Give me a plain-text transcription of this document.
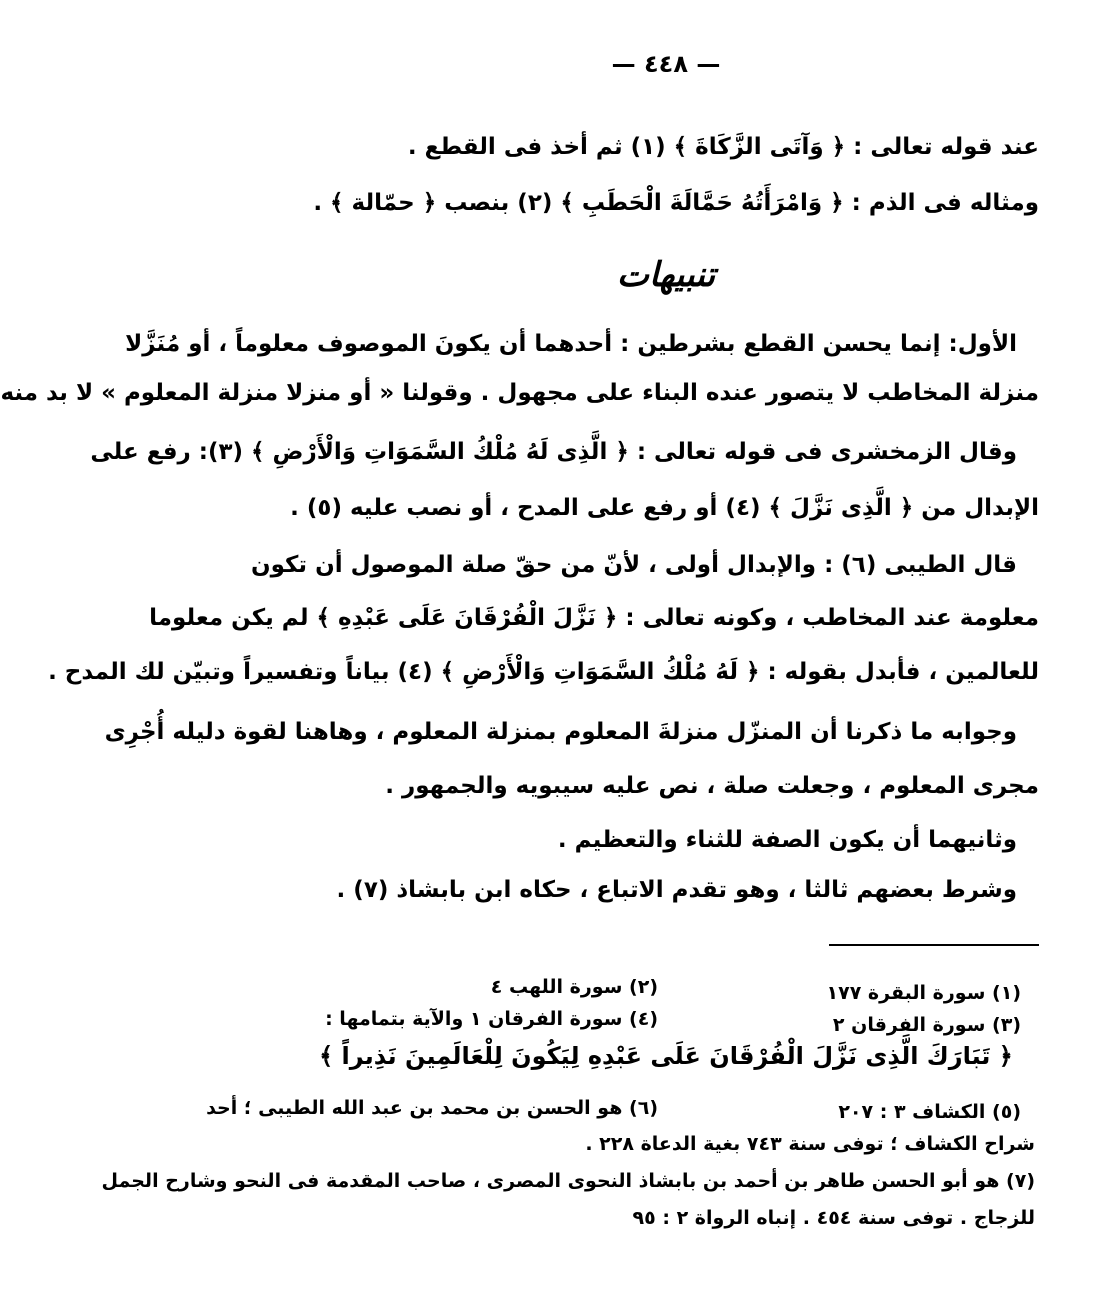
— ٤٤٨ —
عند قوله تعالى : ﴿ وَآتَى الزَّكَاةَ ﴾ (١) ثم أخذ فى القطع .
ومثاله فى الذم : ﴿ وَامْرَأَتُهُ حَمَّالَةَ الْحَطَبِ ﴾ (٢) بنصب ﴿ حمّالة ﴾ .
تنبيهات
الأول: إنما يحسن القطع بشرطين : أحدهما أن يكونَ الموصوف معلوماً ، أو مُنَزَّلا
منزلة المخاطب لا يتصور عنده البناء على مجهول . وقولنا « أو منزلا منزلة المعلوم » لا بد منه
وقال الزمخشرى فى قوله تعالى : ﴿ الَّذِى لَهُ مُلْكُ السَّمَوَاتِ وَالْأَرْضِ ﴾ (٣): رفع على
الإبدال من ﴿ الَّذِى نَزَّلَ ﴾ (٤) أو رفع على المدح ، أو نصب عليه (٥) .
قال الطيبى (٦) : والإبدال أولى ، لأنّ من حقّ صلة الموصول أن تكون
معلومة عند المخاطب ، وكونه تعالى : ﴿ نَزَّلَ الْفُرْقَانَ عَلَى عَبْدِهِ ﴾ لم يكن معلوما
للعالمين ، فأبدل بقوله : ﴿ لَهُ مُلْكُ السَّمَوَاتِ وَالْأَرْضِ ﴾ (٤) بياناً وتفسيراً وتبيّن لك المدح .
وجوابه ما ذكرنا أن المنزّل منزلةَ المعلوم بمنزلة المعلوم ، وهاهنا لقوة دليله أُجْرِى
مجرى المعلوم ، وجعلت صلة ، نص عليه سيبويه والجمهور .
وثانيهما أن يكون الصفة للثناء والتعظيم .
وشرط بعضهم ثالثا ، وهو تقدم الاتباع ، حكاه ابن بابشاذ (٧) .
(١) سورة البقرة ١٧٧
(٢) سورة اللهب ٤
(٣) سورة الفرقان ٢
(٤) سورة الفرقان ١ والآية بتمامها :
﴿ تَبَارَكَ الَّذِى نَزَّلَ الْفُرْقَانَ عَلَى عَبْدِهِ لِيَكُونَ لِلْعَالَمِينَ نَذِيراً ﴾
(٥) الكشاف ٣ : ٢٠٧
(٦) هو الحسن بن محمد بن عبد الله الطيبى ؛ أحد
شراح الكشاف ؛ توفى سنة ٧٤٣ بغية الدعاة ٢٢٨ .
(٧) هو أبو الحسن طاهر بن أحمد بن بابشاذ النحوى المصرى ، صاحب المقدمة فى النحو وشارح الجمل
للزجاج . توفى سنة ٤٥٤ . إنباه الرواة ٢ : ٩٥
